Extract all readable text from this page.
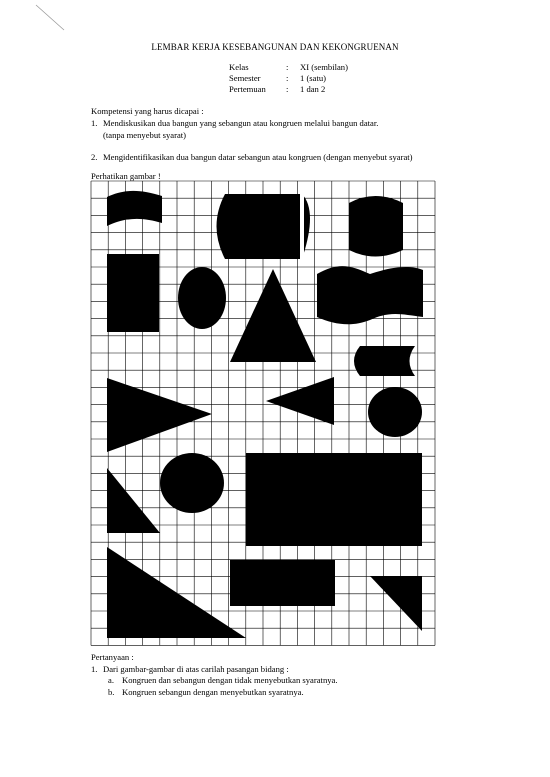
LEMBAR KERJA KESEBANGUNAN DAN KEKONGRUENAN
Kelas	:	XI (sembilan)
Semester	:	1 (satu)
Pertemuan	:	1 dan 2
Kompetensi yang harus dicapai :
1. Mendiskusikan dua bangun yang sebangun atau kongruen melalui bangun datar.
(tanpa menyebut syarat)
2. Mengidentifikasikan dua bangun datar sebangun atau kongruen (dengan menyebut syarat)
Perhatikan gambar !
Pertanyaan :
1. Dari gambar-gambar di atas carilah pasangan bidang :
a. Kongruen dan sebangun dengan tidak menyebutkan syaratnya.
b. Kongruen sebangun dengan menyebutkan syaratnya.
